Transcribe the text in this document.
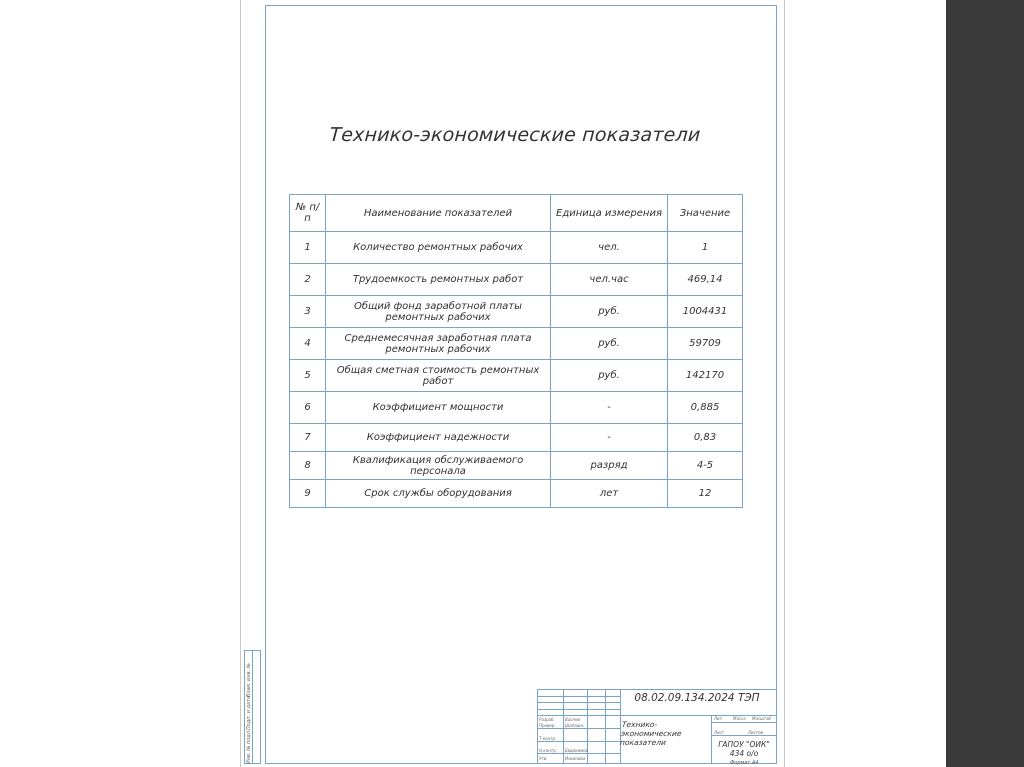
Технико-экономические показатели
№ п/п	Наименование показателей	Единица измерения	Значение
1	Количество ремонтных рабочих	чел.	1
2	Трудоемкость ремонтных работ	чел.час	469,14
3	Общий фонд заработной платы ремонтных рабочих	руб.	1004431
4	Среднемесячная заработная плата ремонтных рабочих	руб.	59709
5	Общая сметная стоимость ремонтных работ	руб.	142170
6	Коэффициент мощности	-	0,885
7	Коэффициент надежности	-	0,83
8	Квалификация обслуживаемого персонала	разряд	4-5
9	Срок службы оборудования	лет	12
Инв. № подл.
Подп. и дата
Взам. инв. №
08.02.09.134.2024 ТЭП
Технико-экономические показатели	ГАПОУ "ОИК" 434 о/о
Формат А4
Разраб.
Провер.
Т.контр.
Н.контр.
Утв.
Васнев
Шапошн.
Евдокимов
Ильянова
Лит. Масса Масштаб
Лист	Листов
